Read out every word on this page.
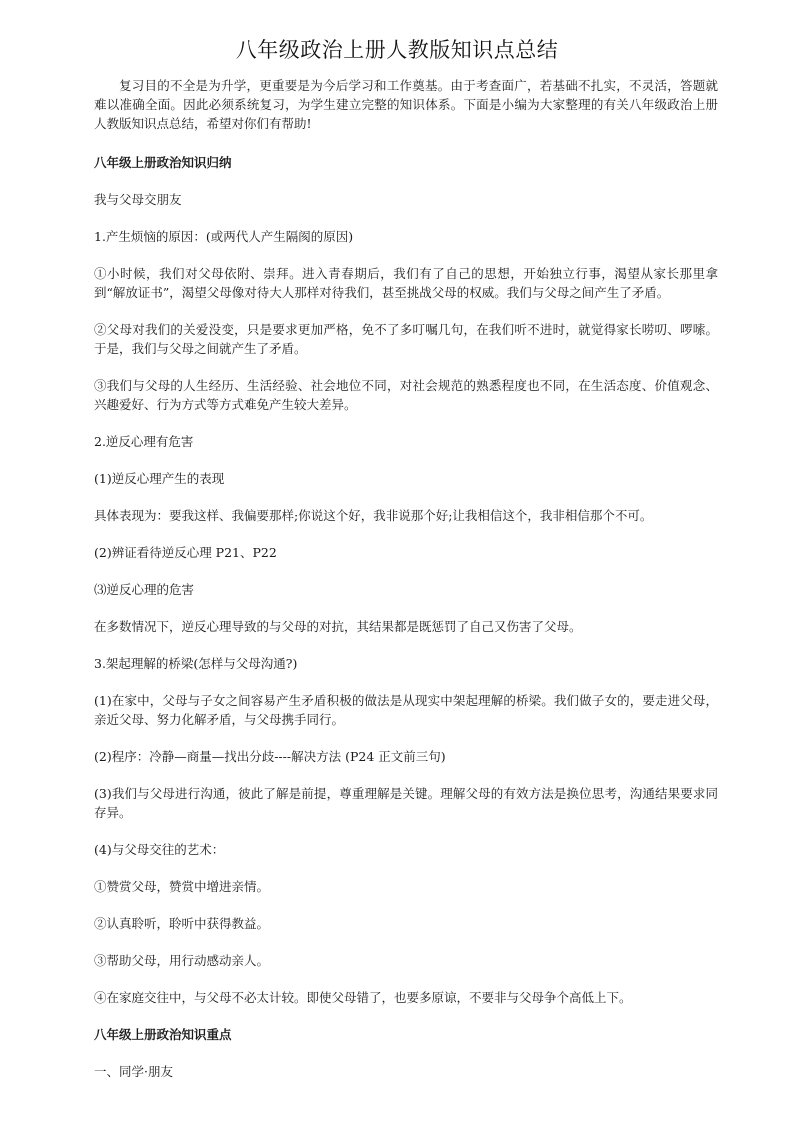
八年级政治上册人教版知识点总结

复习目的不全是为升学，更重要是为今后学习和工作奠基。由于考查面广，若基础不扎实，不灵活，答题就难以准确全面。因此必须系统复习，为学生建立完整的知识体系。下面是小编为大家整理的有关八年级政治上册人教版知识点总结，希望对你们有帮助!

八年级上册政治知识归纳

我与父母交朋友

1.产生烦恼的原因：(或两代人产生隔阂的原因)

①小时候，我们对父母依附、崇拜。进入青春期后，我们有了自己的思想，开始独立行事，渴望从家长那里拿到“解放证书”，渴望父母像对待大人那样对待我们，甚至挑战父母的权威。我们与父母之间产生了矛盾。

②父母对我们的关爱没变，只是要求更加严格，免不了多叮嘱几句，在我们听不进时，就觉得家长唠叨、啰嗦。于是，我们与父母之间就产生了矛盾。

③我们与父母的人生经历、生活经验、社会地位不同，对社会规范的熟悉程度也不同，在生活态度、价值观念、兴趣爱好、行为方式等方式难免产生较大差异。

2.逆反心理有危害

(1)逆反心理产生的表现

具体表现为：要我这样、我偏要那样;你说这个好，我非说那个好;让我相信这个，我非相信那个不可。

(2)辨证看待逆反心理 P21、P22

⑶逆反心理的危害

在多数情况下，逆反心理导致的与父母的对抗，其结果都是既惩罚了自己又伤害了父母。

3.架起理解的桥梁(怎样与父母沟通?)

(1)在家中，父母与子女之间容易产生矛盾积极的做法是从现实中架起理解的桥梁。我们做子女的，要走进父母，亲近父母、努力化解矛盾，与父母携手同行。

(2)程序：冷静—商量—找出分歧----解决方法 (P24 正文前三句)

(3)我们与父母进行沟通，彼此了解是前提，尊重理解是关键。理解父母的有效方法是换位思考，沟通结果要求同存异。

(4)与父母交往的艺术：

①赞赏父母，赞赏中增进亲情。

②认真聆听，聆听中获得教益。

③帮助父母，用行动感动亲人。

④在家庭交往中，与父母不必太计较。即使父母错了，也要多原谅，不要非与父母争个高低上下。

八年级上册政治知识重点

一、同学·朋友
